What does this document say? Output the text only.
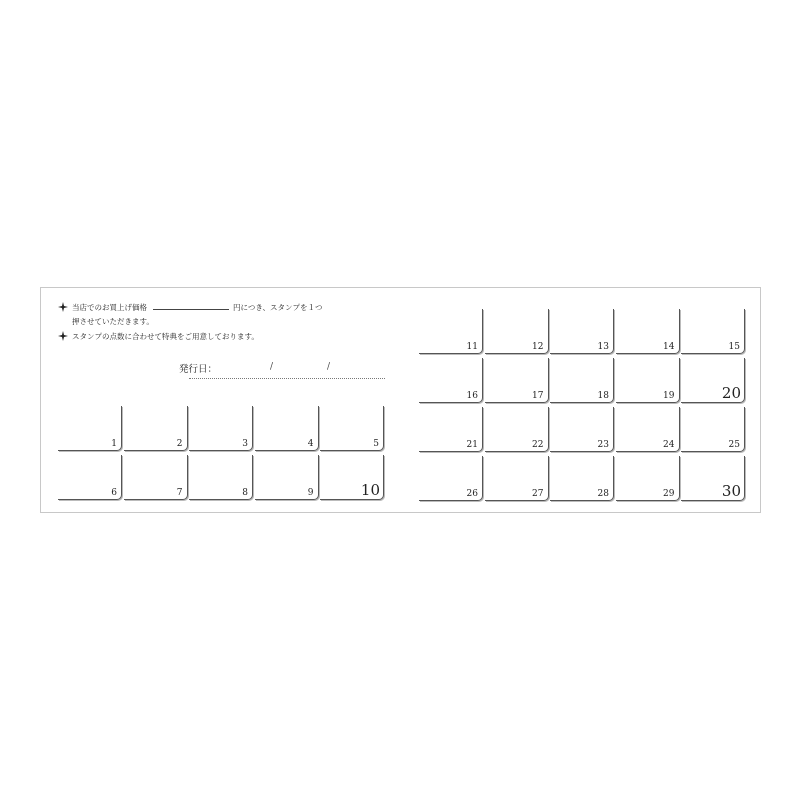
当店でのお買上げ価格	円につき、スタンプを１つ
押させていただきます。
スタンプの点数に合わせて特典をご用意しております。
発行日：	/	/
1	2	3	4	5
6	7	8	9	10
11	12	13	14	15
16	17	18	19	20
21	22	23	24	25
26	27	28	29	30
